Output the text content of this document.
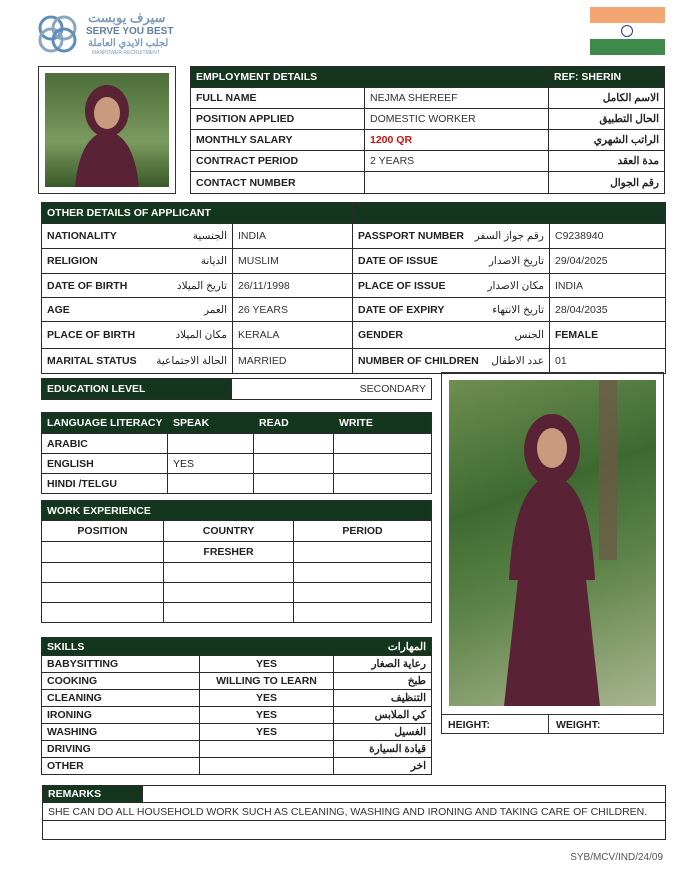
سيرف يوبست
SERVE YOU BEST
لجلب الايدي العاملة
MANPOWER RECRUITMENT
EMPLOYMENT DETAILS		REF: SHERIN
FULL NAME	NEJMA SHEREEF	الاسم الكامل
POSITION APPLIED	DOMESTIC WORKER	الحال التطبيق
MONTHLY SALARY	1200 QR	الراتب الشهري
CONTRACT PERIOD	2 YEARS	مدة العقد
CONTACT NUMBER		رقم الجوال
OTHER DETAILS OF APPLICANT	
NATIONALITY	الجنسية	INDIA	PASSPORT NUMBER رقم جواز السفر	C9238940
RELIGION	الديانة	MUSLIM	DATE OF ISSUE	تاريخ الاصدار	29/04/2025
DATE OF BIRTH	تاريخ الميلاد	26/11/1998	PLACE OF ISSUE	مكان الاصدار	INDIA
AGE	العمر	26 YEARS	DATE OF EXPIRY	تاريخ الانتهاء	28/04/2035
PLACE OF BIRTH	مكان الميلاد	KERALA	GENDER	الجنس	FEMALE
MARITAL STATUS الحالة الاجتماعية	MARRIED	NUMBER OF CHILDREN عدد الاطفال	01
EDUCATION LEVEL	SECONDARY
LANGUAGE LITERACY	SPEAK	READ	WRITE
ARABIC			
ENGLISH	YES		
HINDI /TELGU			
WORK EXPERIENCE		
POSITION	COUNTRY	PERIOD
	FRESHER	

SKILLS		المهارات
BABYSITTING	YES	رعاية الصغار
COOKING	WILLING TO LEARN	طبخ
CLEANING	YES	التنظيف
IRONING	YES	كي الملابس
WASHING	YES	الغسيل
DRIVING		قيادة السيارة
OTHER		اخر
HEIGHT:	WEIGHT:
REMARKS	
SHE CAN DO ALL HOUSEHOLD WORK SUCH AS CLEANING, WASHING AND IRONING AND TAKING CARE OF CHILDREN.

SYB/MCV/IND/24/09
